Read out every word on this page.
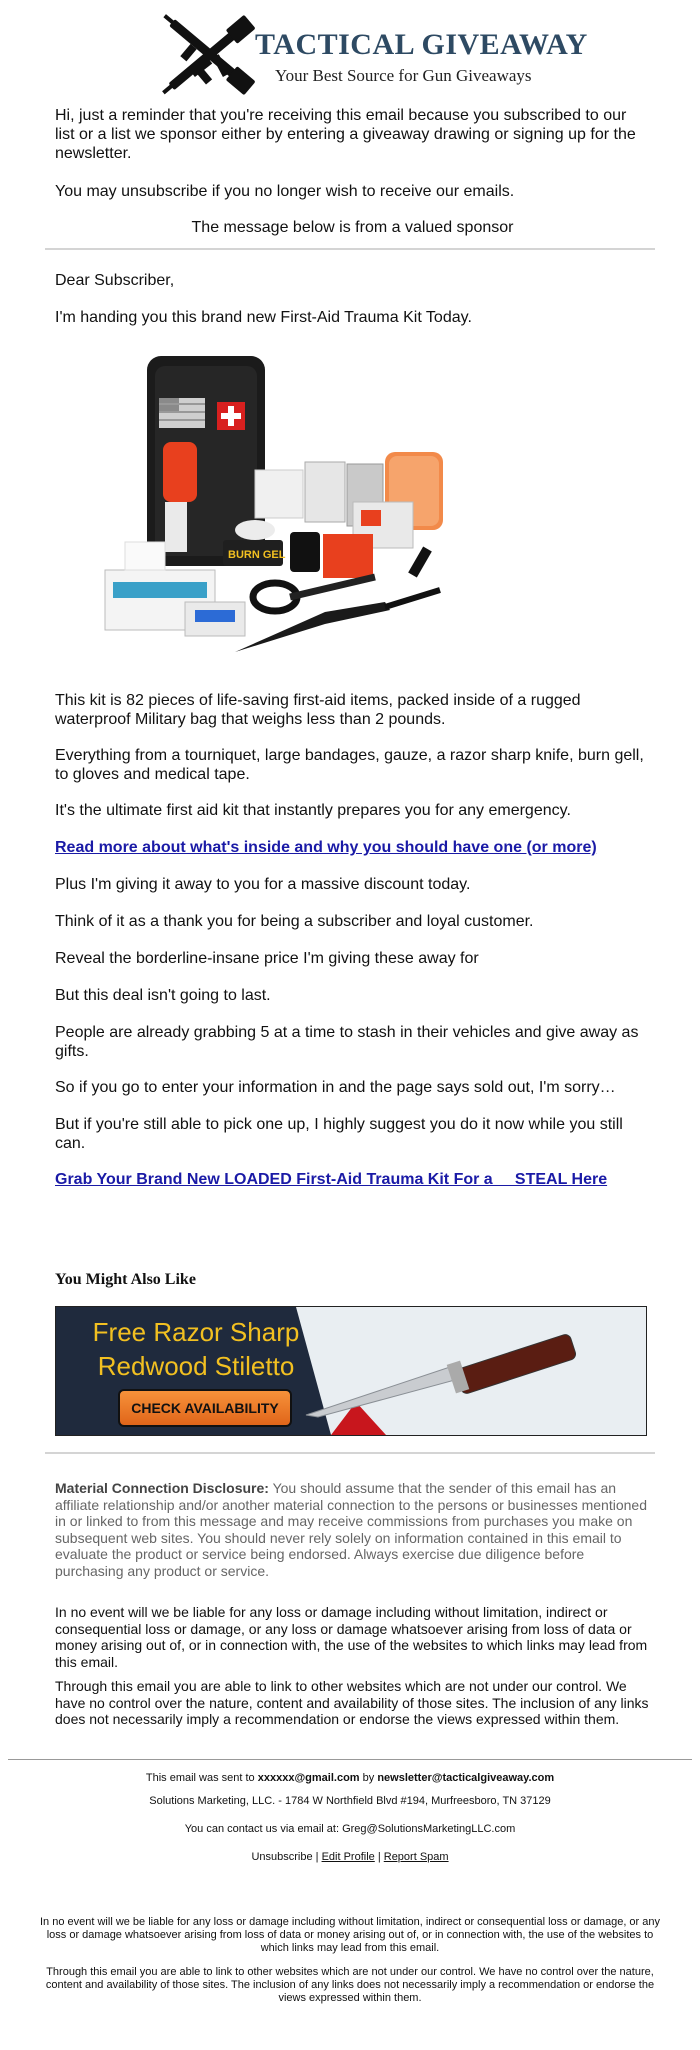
TACTICAL GIVEAWAY
Your Best Source for Gun Giveaways

Hi, just a reminder that you're receiving this email because you subscribed to our list or a list we sponsor either by entering a giveaway drawing or signing up for the newsletter.

You may unsubscribe if you no longer wish to receive our emails.

The message below is from a valued sponsor

Dear Subscriber,

I'm handing you this brand new First-Aid Trauma Kit Today.

BURN GEL

This kit is 82 pieces of life-saving first-aid items, packed inside of a rugged waterproof Military bag that weighs less than 2 pounds.

Everything from a tourniquet, large bandages, gauze, a razor sharp knife, burn gell, to gloves and medical tape.

It's the ultimate first aid kit that instantly prepares you for any emergency.

Read more about what's inside and why you should have one (or more)

Plus I'm giving it away to you for a massive discount today.

Think of it as a thank you for being a subscriber and loyal customer.

Reveal the borderline-insane price I'm giving these away for

But this deal isn't going to last.

People are already grabbing 5 at a time to stash in their vehicles and give away as gifts.

So if you go to enter your information in and the page says sold out, I'm sorry…

But if you're still able to pick one up, I highly suggest you do it now while you still can.

Grab Your Brand New LOADED First-Aid Trauma Kit For a     STEAL Here

You Might Also Like
Free Razor Sharp
Redwood Stiletto
CHECK AVAILABILITY

Material Connection Disclosure: You should assume that the sender of this email has an affiliate relationship and/or another material connection to the persons or businesses mentioned in or linked to from this message and may receive commissions from purchases you make on subsequent web sites. You should never rely solely on information contained in this email to evaluate the product or service being endorsed. Always exercise due diligence before purchasing any product or service.

In no event will we be liable for any loss or damage including without limitation, indirect or consequential loss or damage, or any loss or damage whatsoever arising from loss of data or money arising out of, or in connection with, the use of the websites to which links may lead from this email.

Through this email you are able to link to other websites which are not under our control. We have no control over the nature, content and availability of those sites. The inclusion of any links does not necessarily imply a recommendation or endorse the views expressed within them.

This email was sent to xxxxxx@gmail.com by newsletter@tacticalgiveaway.com

Solutions Marketing, LLC. - 1784 W Northfield Blvd #194, Murfreesboro, TN 37129

You can contact us via email at: Greg@SolutionsMarketingLLC.com

Unsubscribe | Edit Profile | Report Spam

In no event will we be liable for any loss or damage including without limitation, indirect or consequential loss or damage, or any loss or damage whatsoever arising from loss of data or money arising out of, or in connection with, the use of the websites to which links may lead from this email.

Through this email you are able to link to other websites which are not under our control. We have no control over the nature, content and availability of those sites. The inclusion of any links does not necessarily imply a recommendation or endorse the views expressed within them.
